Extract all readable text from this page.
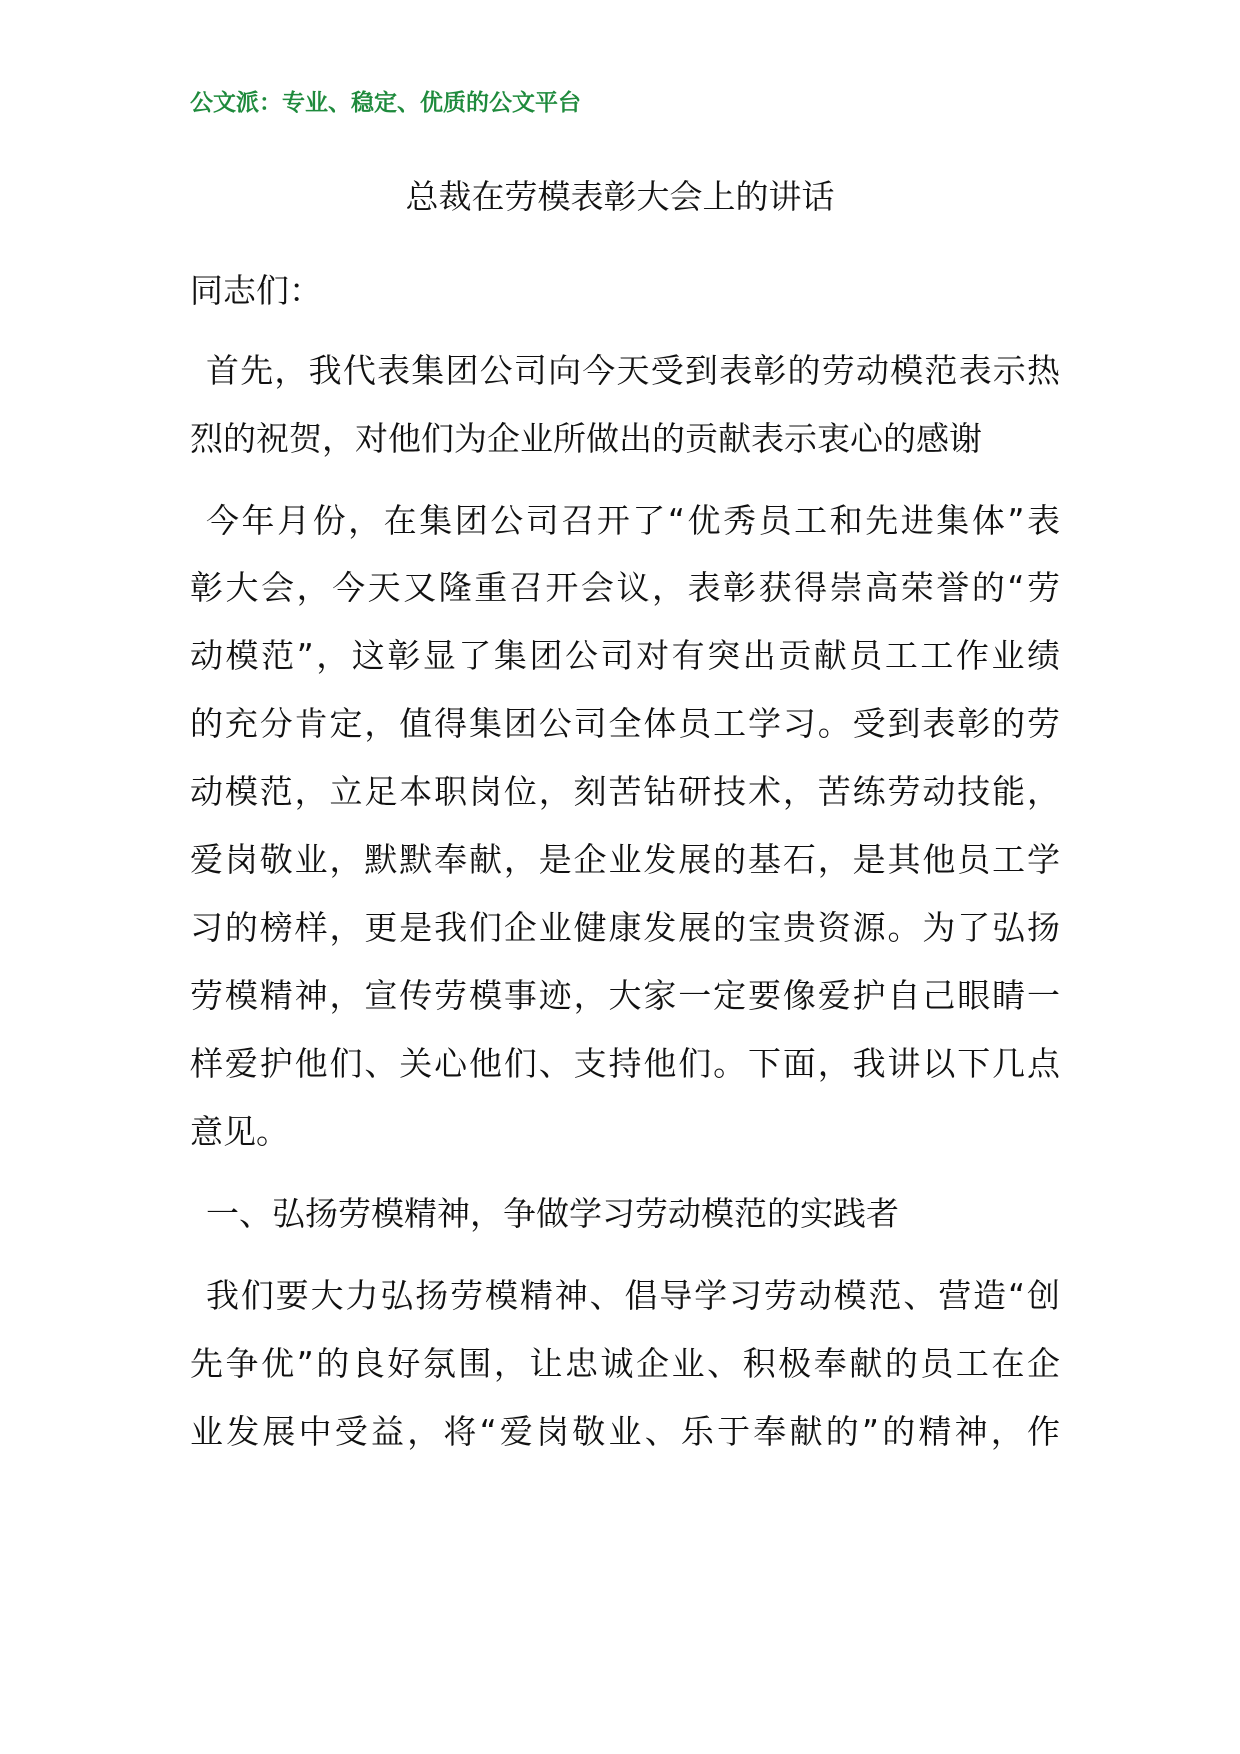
公文派：专业、稳定、优质的公文平台
总裁在劳模表彰大会上的讲话
同志们：
首先，我代表集团公司向今天受到表彰的劳动模范表示热
烈的祝贺，对他们为企业所做出的贡献表示衷心的感谢
今年月份，在集团公司召开了“优秀员工和先进集体”表
彰大会，今天又隆重召开会议，表彰获得崇高荣誉的“劳
动模范”，这彰显了集团公司对有突出贡献员工工作业绩
的充分肯定，值得集团公司全体员工学习。受到表彰的劳
动模范，立足本职岗位，刻苦钻研技术，苦练劳动技能，
爱岗敬业，默默奉献，是企业发展的基石，是其他员工学
习的榜样，更是我们企业健康发展的宝贵资源。为了弘扬
劳模精神，宣传劳模事迹，大家一定要像爱护自己眼睛一
样爱护他们、关心他们、支持他们。下面，我讲以下几点
意见。
一、弘扬劳模精神，争做学习劳动模范的实践者
我们要大力弘扬劳模精神、倡导学习劳动模范、营造“创
先争优”的良好氛围，让忠诚企业、积极奉献的员工在企
业发展中受益，将“爱岗敬业、乐于奉献的”的精神，作
